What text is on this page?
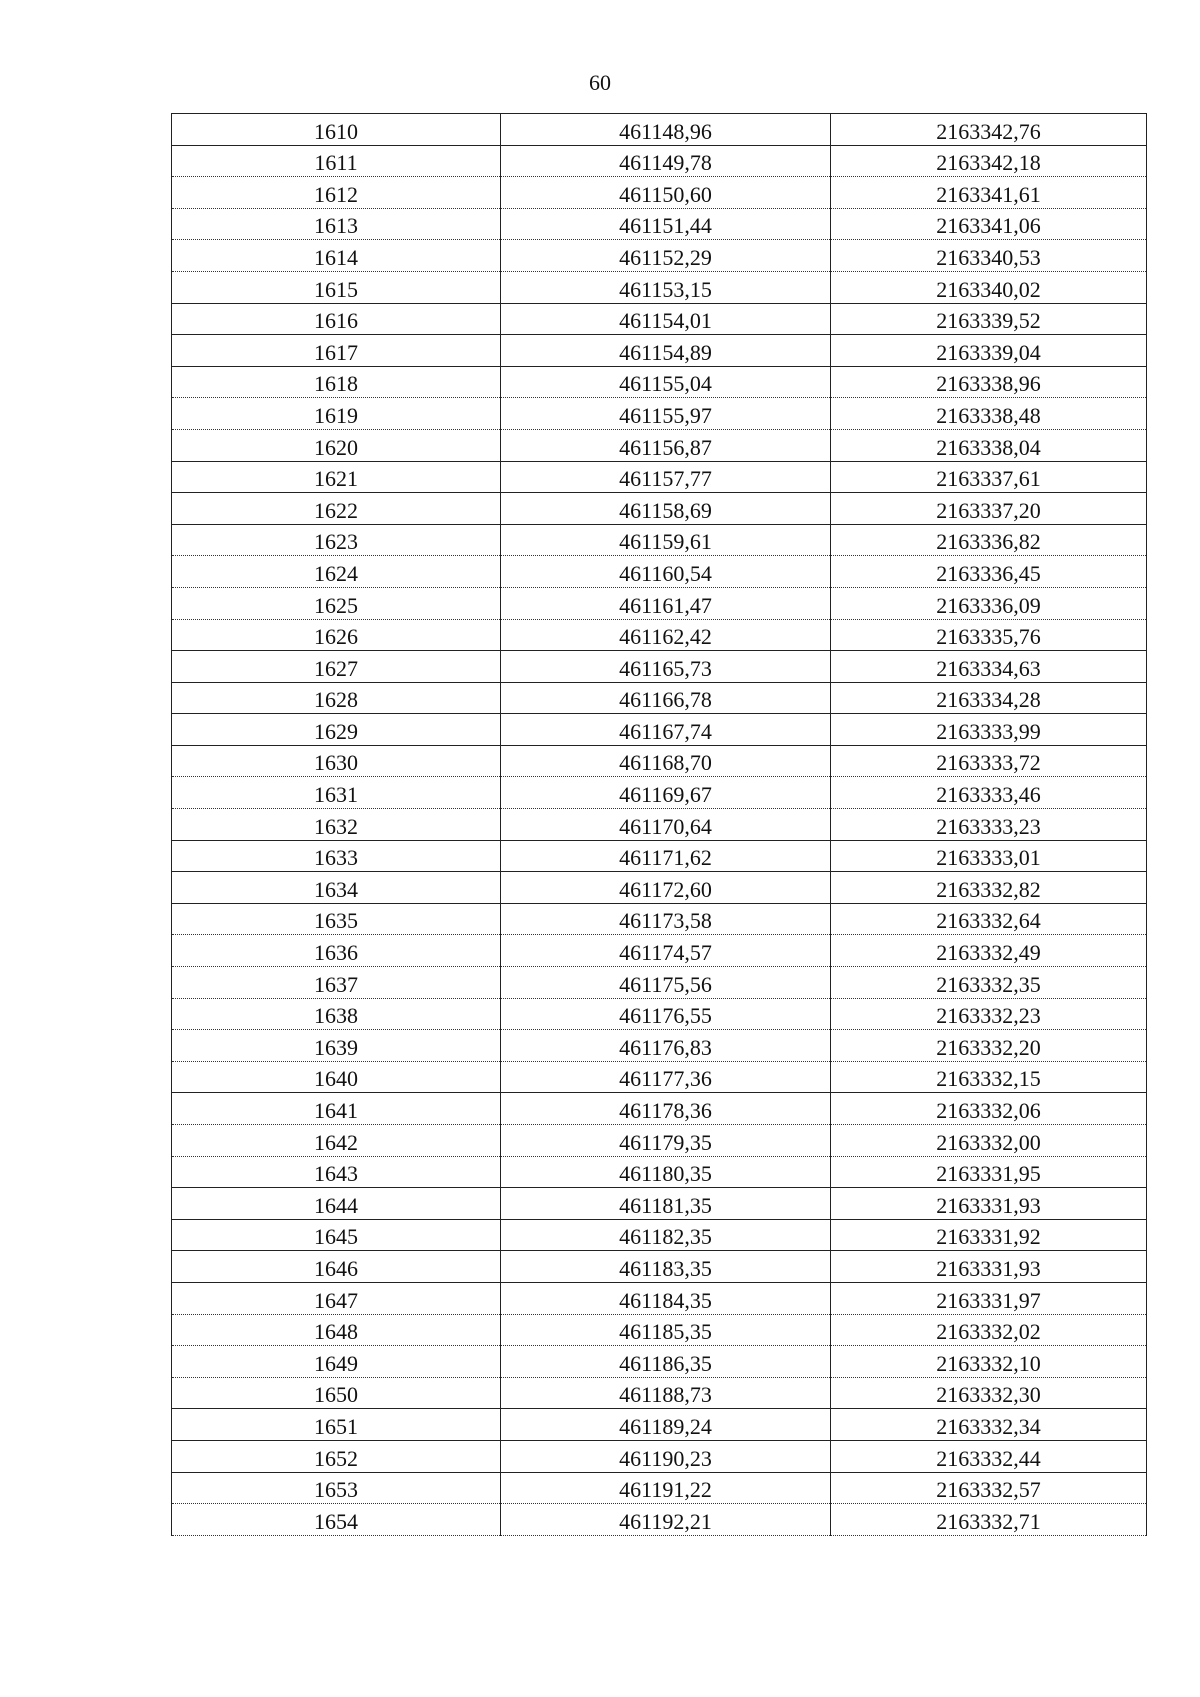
60
1610	461148,96	2163342,76
1611	461149,78	2163342,18
1612	461150,60	2163341,61
1613	461151,44	2163341,06
1614	461152,29	2163340,53
1615	461153,15	2163340,02
1616	461154,01	2163339,52
1617	461154,89	2163339,04
1618	461155,04	2163338,96
1619	461155,97	2163338,48
1620	461156,87	2163338,04
1621	461157,77	2163337,61
1622	461158,69	2163337,20
1623	461159,61	2163336,82
1624	461160,54	2163336,45
1625	461161,47	2163336,09
1626	461162,42	2163335,76
1627	461165,73	2163334,63
1628	461166,78	2163334,28
1629	461167,74	2163333,99
1630	461168,70	2163333,72
1631	461169,67	2163333,46
1632	461170,64	2163333,23
1633	461171,62	2163333,01
1634	461172,60	2163332,82
1635	461173,58	2163332,64
1636	461174,57	2163332,49
1637	461175,56	2163332,35
1638	461176,55	2163332,23
1639	461176,83	2163332,20
1640	461177,36	2163332,15
1641	461178,36	2163332,06
1642	461179,35	2163332,00
1643	461180,35	2163331,95
1644	461181,35	2163331,93
1645	461182,35	2163331,92
1646	461183,35	2163331,93
1647	461184,35	2163331,97
1648	461185,35	2163332,02
1649	461186,35	2163332,10
1650	461188,73	2163332,30
1651	461189,24	2163332,34
1652	461190,23	2163332,44
1653	461191,22	2163332,57
1654	461192,21	2163332,71
